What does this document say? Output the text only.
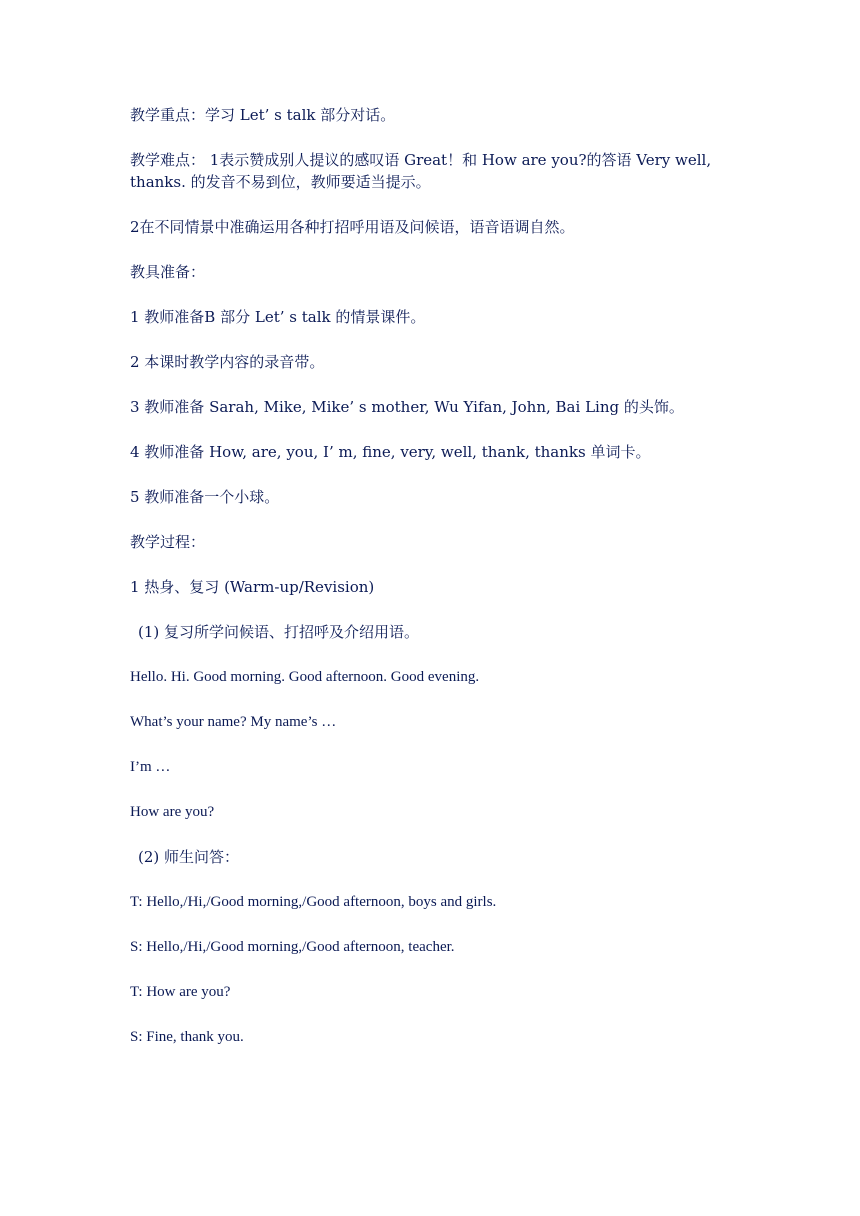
教学重点：学习 Let’ s talk 部分对话。

教学难点： 1表示赞成别人提议的感叹语 Great！和 How are you?的答语 Very well, thanks. 的发音不易到位，教师要适当提示。

2在不同情景中准确运用各种打招呼用语及问候语，语音语调自然。

教具准备：

1 教师准备B 部分 Let’ s talk 的情景课件。

2 本课时教学内容的录音带。

3 教师准备 Sarah, Mike, Mike’ s mother, Wu Yifan, John, Bai Ling 的头饰。

4 教师准备 How, are, you, I’ m, fine, very, well, thank, thanks 单词卡。

5 教师准备一个小球。

教学过程：

1 热身、复习 (Warm-up/Revision)

(1) 复习所学问候语、打招呼及介绍用语。

Hello. Hi. Good morning. Good afternoon. Good evening.

What’s your name? My name’s …

I’m …

How are you?

(2) 师生问答：

T: Hello,/Hi,/Good morning,/Good afternoon, boys and girls.

S: Hello,/Hi,/Good morning,/Good afternoon, teacher.

T: How are you?

S: Fine, thank you.
